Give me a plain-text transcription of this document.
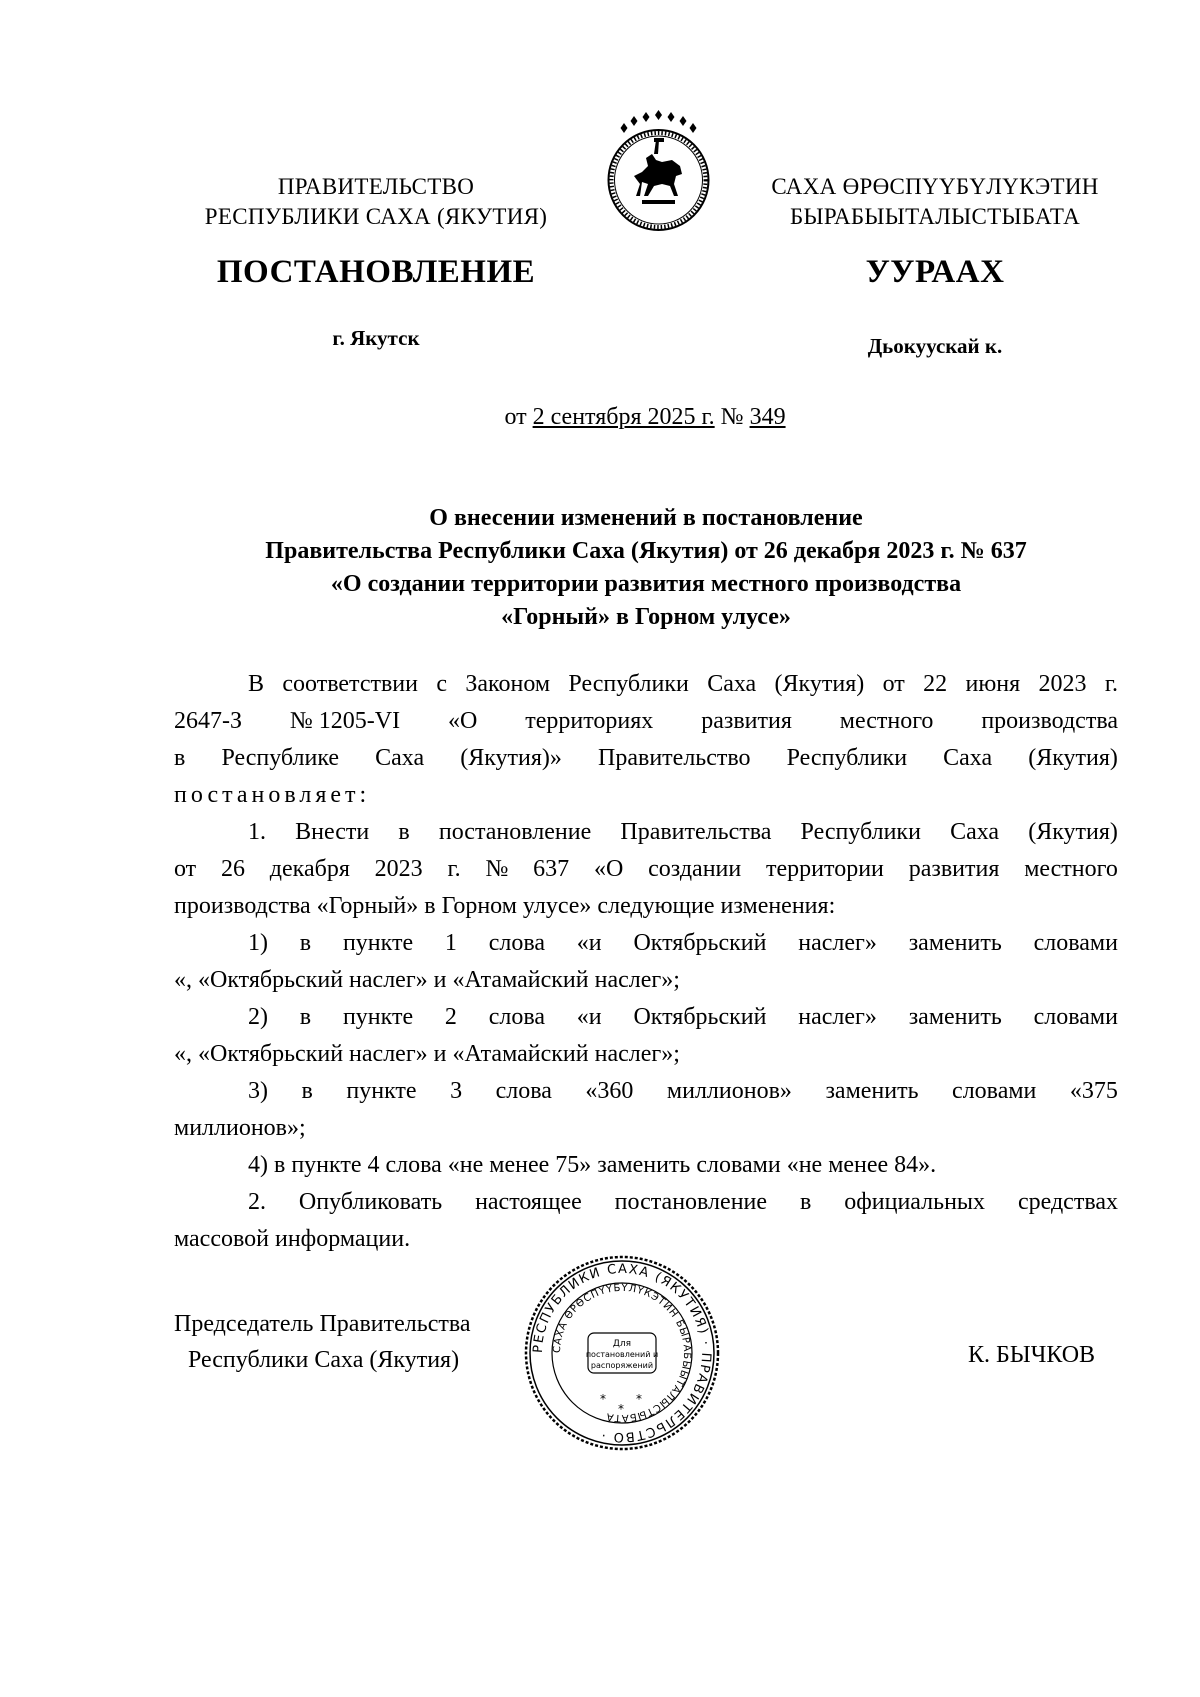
ПРАВИТЕЛЬСТВО
РЕСПУБЛИКИ САХА (ЯКУТИЯ)
САХА ӨРӨСПҮҮБҮЛҮКЭТИН
БЫРАБЫЫТАЛЫСТЫБАТА
ПОСТАНОВЛЕНИЕ	УУРААХ
г. Якутск	Дьокуускай к.
от 2 сентября 2025 г. № 349
О внесении изменений в постановление
Правительства Республики Саха (Якутия) от 26 декабря 2023 г. № 637
«О создании территории развития местного производства
«Горный» в Горном улусе»
В соответствии с Законом Республики Саха (Якутия) от 22 июня 2023 г.
2647-З № 1205-VI «О территориях развития местного производства
в Республике Саха (Якутия)» Правительство Республики Саха (Якутия)
постановляет:
1. Внести в постановление Правительства Республики Саха (Якутия)
от 26 декабря 2023 г. № 637 «О создании территории развития местного
производства «Горный» в Горном улусе» следующие изменения:
1) в пункте 1 слова «и Октябрьский наслег» заменить словами
«, «Октябрьский наслег» и «Атамайский наслег»;
2) в пункте 2 слова «и Октябрьский наслег» заменить словами
«, «Октябрьский наслег» и «Атамайский наслег»;
3) в пункте 3 слова «360 миллионов» заменить словами «375
миллионов»;
4) в пункте 4 слова «не менее 75» заменить словами «не менее 84».
2. Опубликовать настоящее постановление в официальных средствах
массовой информации.
Председатель Правительства
Республики Саха (Якутия)	К. БЫЧКОВ
РЕСПУБЛИКИ САХА (ЯКУТИЯ) · ПРАВИТЕЛЬСТВО ·
САХА ӨРӨСПҮҮБҮЛҮКЭТИН БЫРАБЫЫТАЛЫСТЫБАТА
Для
постановлений и
распоряжений
*
*
*
